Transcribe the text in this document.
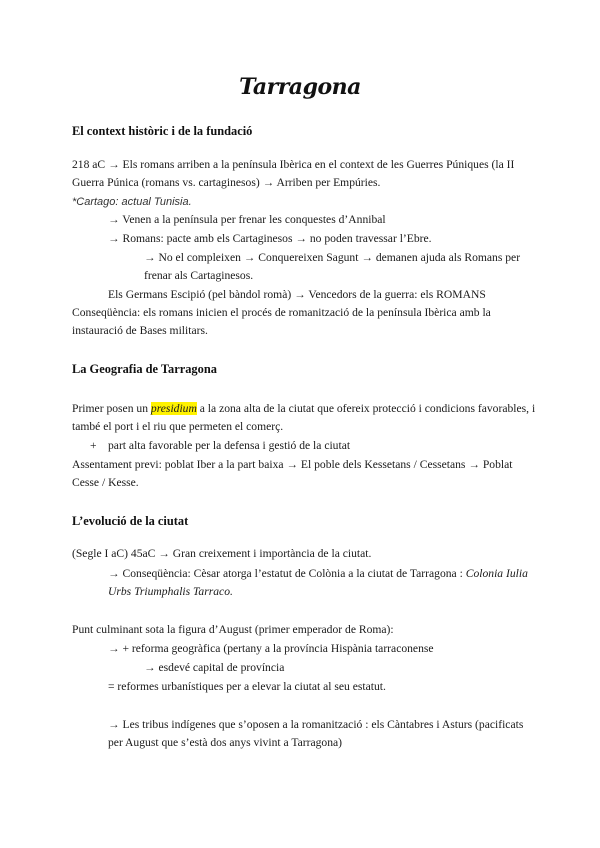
Tarragona
El context històric i de la fundació
218 aC → Els romans arriben a la península Ibèrica en el context de les Guerres Púniques (la II Guerra Púnica (romans vs. cartaginesos) → Arriben per Empúries.
*Cartago: actual Tunisia.
→ Venen a la península per frenar les conquestes d’Annibal
→ Romans: pacte amb els Cartaginesos → no poden travessar l’Ebre.
→ No el compleixen → Conquereixen Sagunt → demanen ajuda als Romans per frenar als Cartaginesos.
Els Germans Escipió (pel bàndol romà) → Vencedors de la guerra: els ROMANS
Conseqüència: els romans inicien el procés de romanització de la península Ibèrica amb la instauració de Bases militars.
La Geografia de Tarragona
Primer posen un presidium a la zona alta de la ciutat que ofereix protecció i condicions favorables, i també el port i el riu que permeten el comerç.
+ part alta favorable per la defensa i gestió de la ciutat
Assentament previ: poblat Iber a la part baixa → El poble dels Kessetans / Cessetans → Poblat Cesse / Kesse.
L’evolució de la ciutat
(Segle I aC) 45aC → Gran creixement i importància de la ciutat.
→ Conseqüència: Cèsar atorga l’estatut de Colònia a la ciutat de Tarragona : Colonia Iulia Urbs Triumphalis Tarraco.
Punt culminant sota la figura d’August (primer emperador de Roma):
→ + reforma geogràfica (pertany a la província Hispània tarraconense
→ esdevé capital de província
= reformes urbanístiques per a elevar la ciutat al seu estatut.
→ Les tribus indígenes que s’oposen a la romanització : els Càntabres i Asturs (pacificats per August que s’està dos anys vivint a Tarragona)
